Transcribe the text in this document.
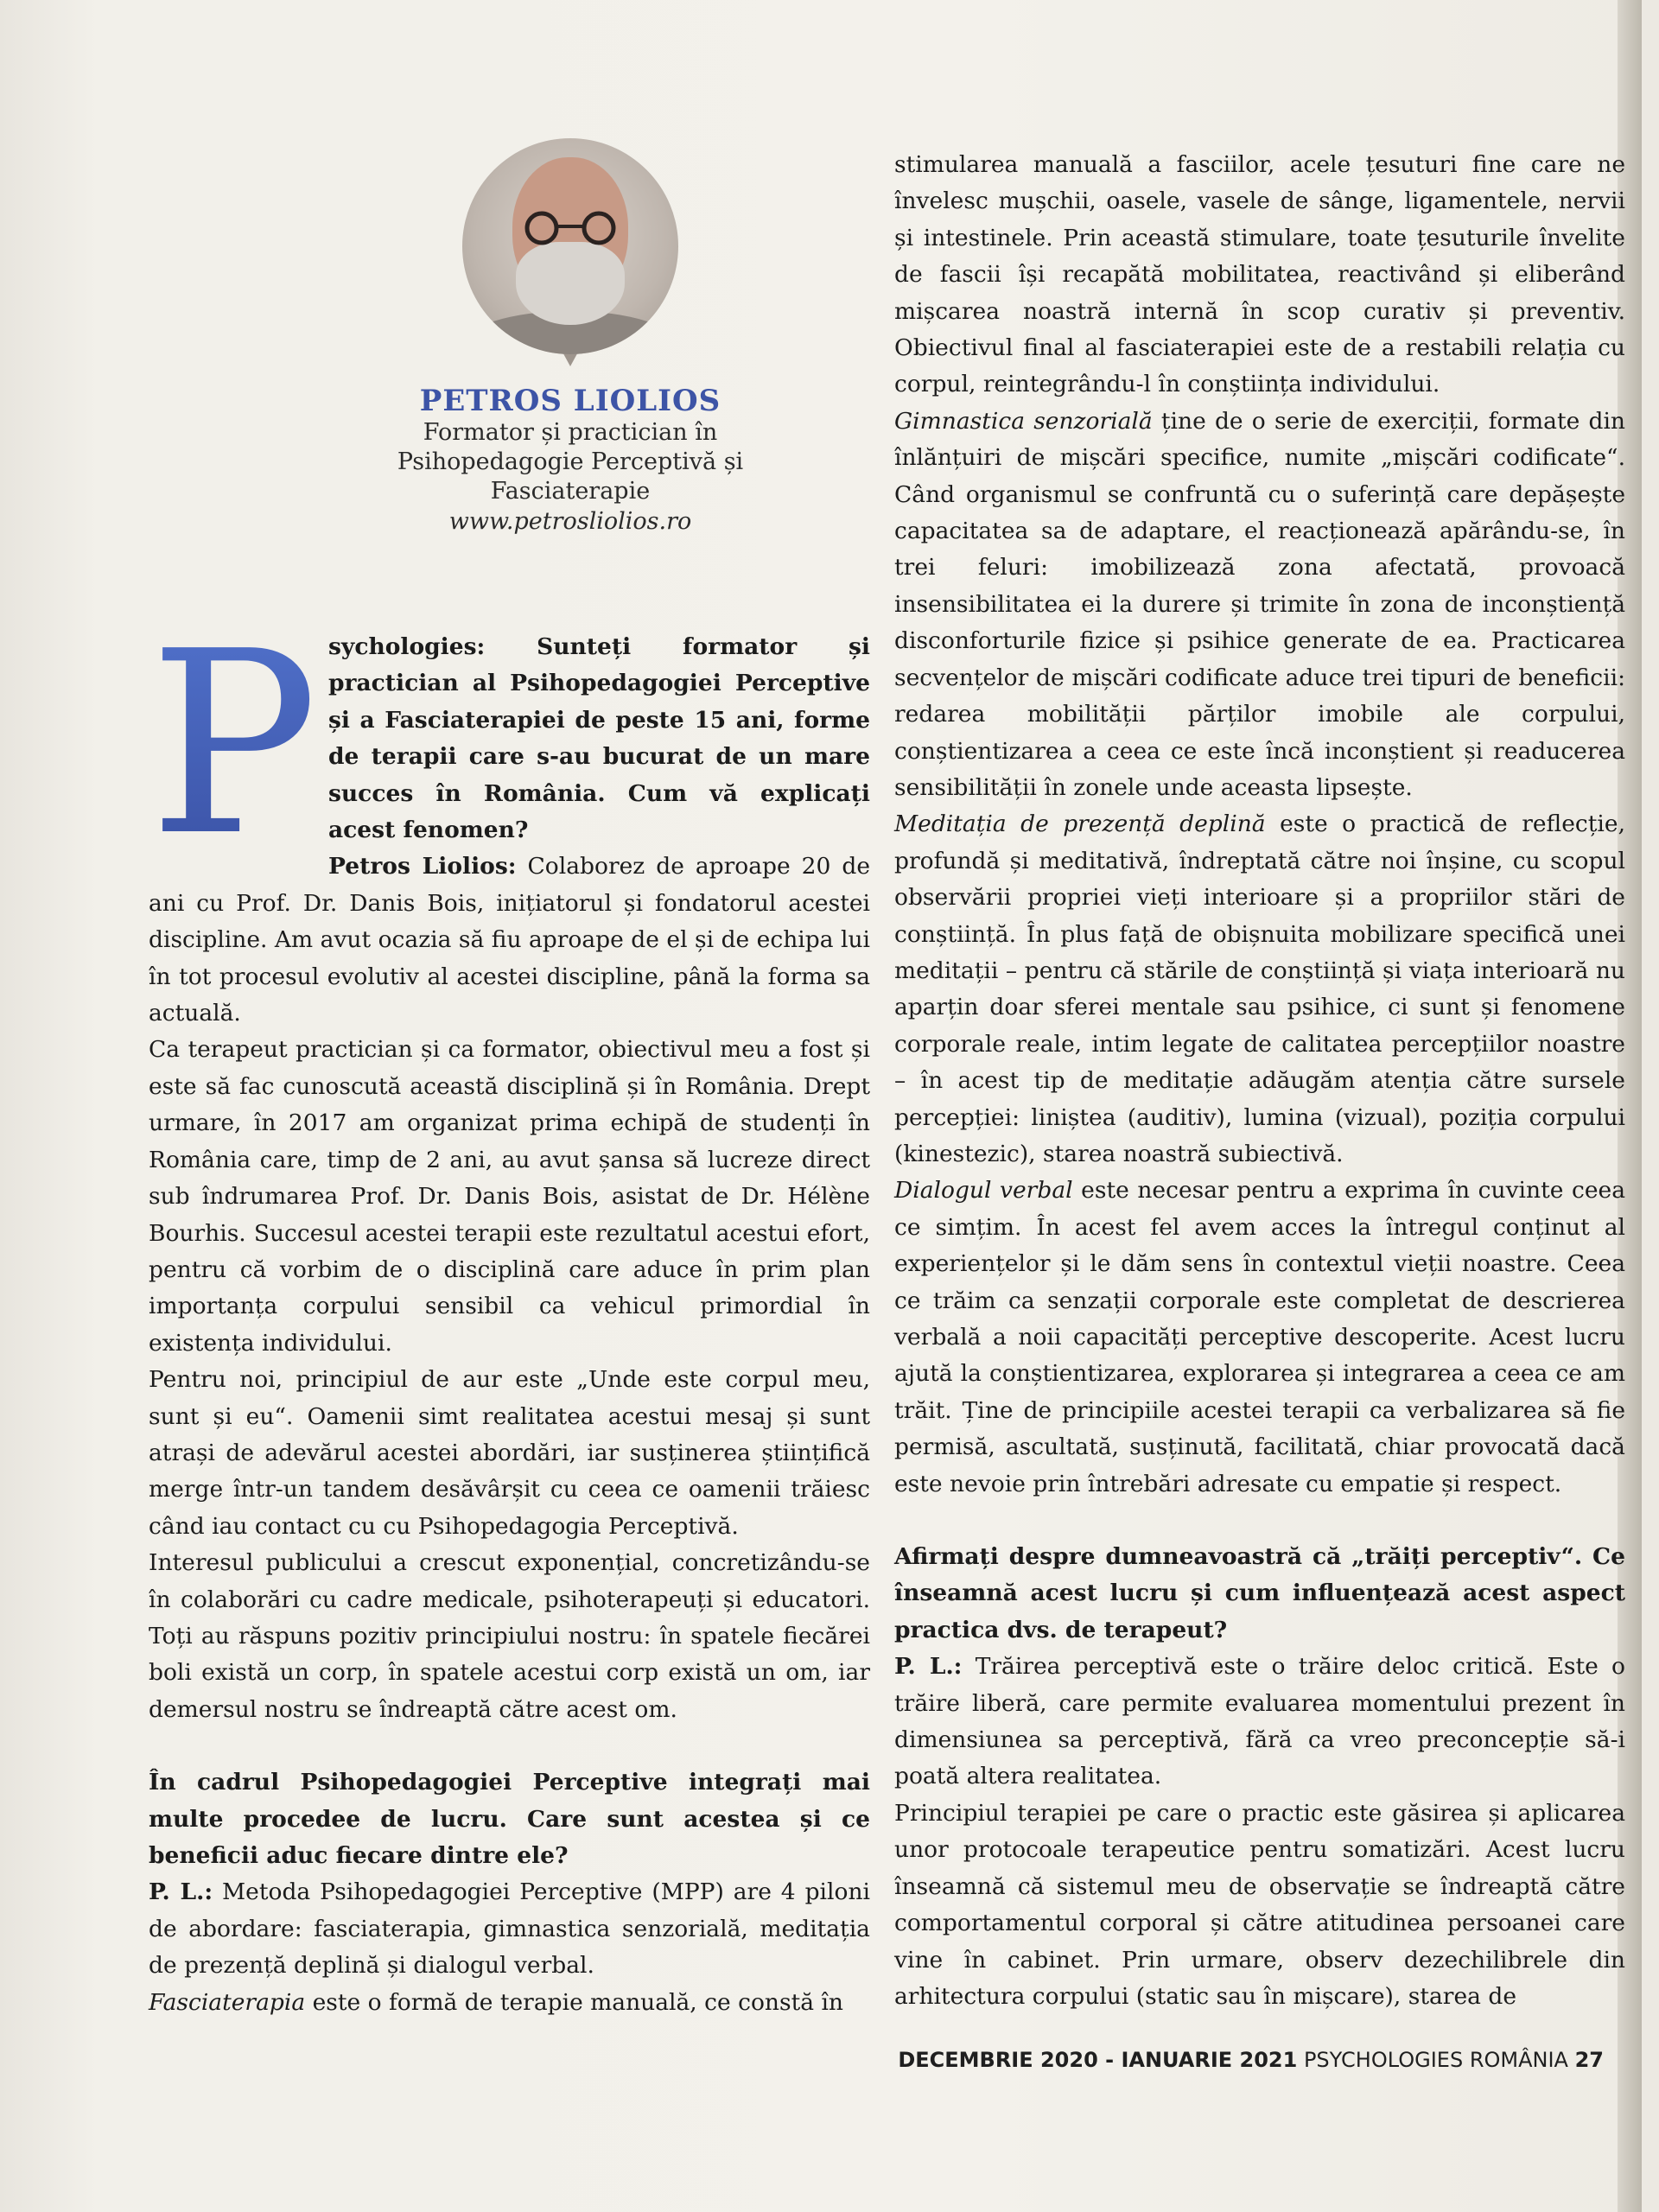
PETROS LIOLIOS
Formator și practician în
Psihopedagogie Perceptivă și
Fasciaterapie
www.petrosliolios.ro
P sychologies: Sunteți formator și practician al Psihopedagogiei Perceptive și a Fasciaterapiei de peste 15 ani, forme de terapii care s-au bucurat de un mare succes în România. Cum vă explicați acest fenomen?

Petros Liolios: Colaborez de aproape 20 de ani cu Prof. Dr. Danis Bois, inițiatorul și fondatorul acestei discipline. Am avut ocazia să fiu aproape de el și de echipa lui în tot procesul evolutiv al acestei discipline, până la forma sa actuală.

Ca terapeut practician și ca formator, obiectivul meu a fost și este să fac cunoscută această disciplină și în România. Drept urmare, în 2017 am organizat prima echipă de studenți în România care, timp de 2 ani, au avut șansa să lucreze direct sub îndrumarea Prof. Dr. Danis Bois, asistat de Dr. Hélène Bourhis. Succesul acestei terapii este rezultatul acestui efort, pentru că vorbim de o disciplină care aduce în prim plan importanța corpului sensibil ca vehicul primordial în existența individului.

Pentru noi, principiul de aur este „Unde este corpul meu, sunt și eu“. Oamenii simt realitatea acestui mesaj și sunt atrași de adevărul acestei abordări, iar susținerea științifică merge într-un tandem desăvârșit cu ceea ce oamenii trăiesc când iau contact cu cu Psihopedagogia Perceptivă.

Interesul publicului a crescut exponențial, concretizându-se în colaborări cu cadre medicale, psihoterapeuți și educatori. Toți au răspuns pozitiv principiului nostru: în spatele fiecărei boli există un corp, în spatele acestui corp există un om, iar demersul nostru se îndreaptă către acest om.

În cadrul Psihopedagogiei Perceptive integrați mai multe procedee de lucru. Care sunt acestea și ce beneficii aduc fiecare dintre ele?

P. L.: Metoda Psihopedagogiei Perceptive (MPP) are 4 piloni de abordare: fasciaterapia, gimnastica senzorială, meditația de prezență deplină și dialogul verbal.

Fasciaterapia este o formă de terapie manuală, ce constă în

stimularea manuală a fasciilor, acele țesuturi fine care ne învelesc mușchii, oasele, vasele de sânge, ligamentele, nervii și intestinele. Prin această stimulare, toate țesuturile învelite de fascii își recapătă mobilitatea, reactivând și eliberând mișcarea noastră internă în scop curativ și preventiv. Obiectivul final al fasciaterapiei este de a restabili relația cu corpul, reintegrându-l în conștiința individului.

Gimnastica senzorială ține de o serie de exerciții, formate din înlănțuiri de mișcări specifice, numite „mișcări codificate“. Când organismul se confruntă cu o suferință care depășește capacitatea sa de adaptare, el reacționează apărându-se, în trei feluri: imobilizează zona afectată, provoacă insensibilitatea ei la durere și trimite în zona de inconștiență disconforturile fizice și psihice generate de ea. Practicarea secvențelor de mișcări codificate aduce trei tipuri de beneficii: redarea mobilității părților imobile ale corpului, conștientizarea a ceea ce este încă inconștient și readucerea sensibilității în zonele unde aceasta lipsește.

Meditația de prezență deplină este o practică de reflecție, profundă și meditativă, îndreptată către noi înșine, cu scopul observării propriei vieți interioare și a propriilor stări de conștiință. În plus față de obișnuita mobilizare specifică unei meditații – pentru că stările de conștiință și viața interioară nu aparțin doar sferei mentale sau psihice, ci sunt și fenomene corporale reale, intim legate de calitatea percepțiilor noastre – în acest tip de meditație adăugăm atenția către sursele percepției: liniștea (auditiv), lumina (vizual), poziția corpului (kinestezic), starea noastră subiectivă.

Dialogul verbal este necesar pentru a exprima în cuvinte ceea ce simțim. În acest fel avem acces la întregul conținut al experiențelor și le dăm sens în contextul vieții noastre. Ceea ce trăim ca senzații corporale este completat de descrierea verbală a noii capacități perceptive descoperite. Acest lucru ajută la conștientizarea, explorarea și integrarea a ceea ce am trăit. Ține de principiile acestei terapii ca verbalizarea să fie permisă, ascultată, susținută, facilitată, chiar provocată dacă este nevoie prin întrebări adresate cu empatie și respect.

Afirmați despre dumneavoastră că „trăiți perceptiv“. Ce înseamnă acest lucru și cum influențează acest aspect practica dvs. de terapeut?

P. L.: Trăirea perceptivă este o trăire deloc critică. Este o trăire liberă, care permite evaluarea momentului prezent în dimensiunea sa perceptivă, fără ca vreo preconcepție să-i poată altera realitatea.

Principiul terapiei pe care o practic este găsirea și aplicarea unor protocoale terapeutice pentru somatizări. Acest lucru înseamnă că sistemul meu de observație se îndreaptă către comportamentul corporal și către atitudinea persoanei care vine în cabinet. Prin urmare, observ dezechilibrele din arhitectura corpului (static sau în mișcare), starea de

DECEMBRIE 2020 - IANUARIE 2021 PSYCHOLOGIES ROMÂNIA 27
